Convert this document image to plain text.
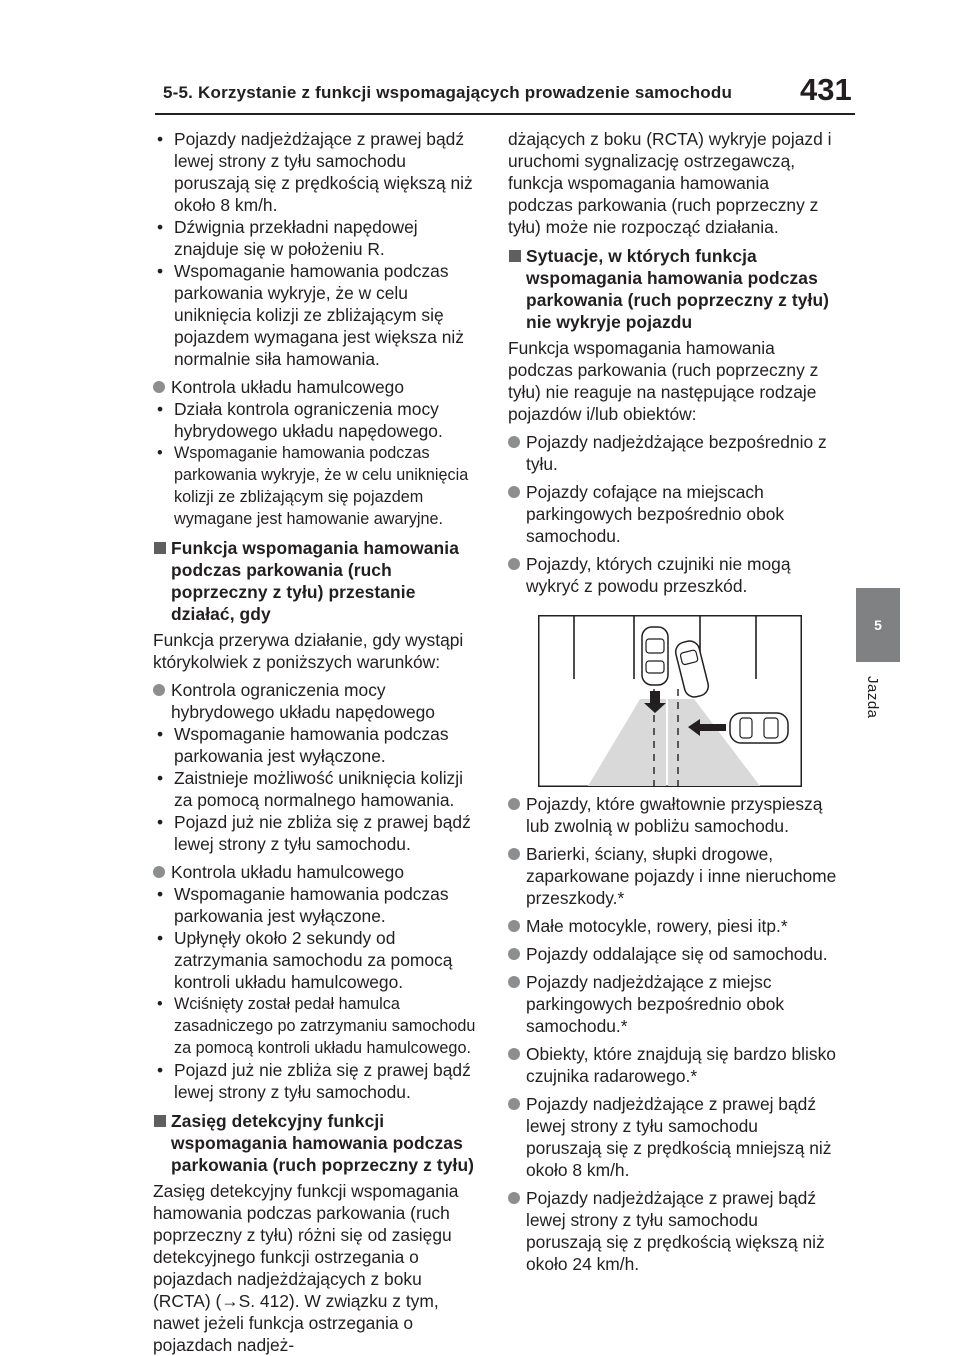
5-5. Korzystanie z funkcji wspomagających prowadzenie samochodu 431
5
Jazda
• Pojazdy nadjeżdżające z prawej bądź lewej strony z tyłu samochodu poruszają się z prędkością większą niż około 8 km/h.
• Dźwignia przekładni napędowej znajduje się w położeniu R.
• Wspomaganie hamowania podczas parkowania wykryje, że w celu uniknięcia kolizji ze zbliżającym się pojazdem wymagana jest większa niż normalnie siła hamowania.
Kontrola układu hamulcowego
• Działa kontrola ograniczenia mocy hybrydowego układu napędowego.
• Wspomaganie hamowania podczas parkowania wykryje, że w celu uniknięcia kolizji ze zbliżającym się pojazdem wymagane jest hamowanie awaryjne.
Funkcja wspomagania hamowania podczas parkowania (ruch poprzeczny z tyłu) przestanie działać, gdy
Funkcja przerywa działanie, gdy wystąpi którykolwiek z poniższych warunków:
Kontrola ograniczenia mocy hybrydowego układu napędowego
• Wspomaganie hamowania podczas parkowania jest wyłączone.
• Zaistnieje możliwość uniknięcia kolizji za pomocą normalnego hamowania.
• Pojazd już nie zbliża się z prawej bądź lewej strony z tyłu samochodu.
Kontrola układu hamulcowego
• Wspomaganie hamowania podczas parkowania jest wyłączone.
• Upłynęły około 2 sekundy od zatrzymania samochodu za pomocą kontroli układu hamulcowego.
• Wciśnięty został pedał hamulca zasadniczego po zatrzymaniu samochodu za pomocą kontroli układu hamulcowego.
• Pojazd już nie zbliża się z prawej bądź lewej strony z tyłu samochodu.
Zasięg detekcyjny funkcji wspomagania hamowania podczas parkowania (ruch poprzeczny z tyłu)
Zasięg detekcyjny funkcji wspomagania hamowania podczas parkowania (ruch poprzeczny z tyłu) różni się od zasięgu detekcyjnego funkcji ostrzegania o pojazdach nadjeżdżających z boku (RCTA) (→S. 412). W związku z tym, nawet jeżeli funkcja ostrzegania o pojazdach nadjeż-
dżających z boku (RCTA) wykryje pojazd i uruchomi sygnalizację ostrzegawczą, funkcja wspomagania hamowania podczas parkowania (ruch poprzeczny z tyłu) może nie rozpocząć działania.
Sytuacje, w których funkcja wspomagania hamowania podczas parkowania (ruch poprzeczny z tyłu) nie wykryje pojazdu
Funkcja wspomagania hamowania podczas parkowania (ruch poprzeczny z tyłu) nie reaguje na następujące rodzaje pojazdów i/lub obiektów:
Pojazdy nadjeżdżające bezpośrednio z tyłu.
Pojazdy cofające na miejscach parkingowych bezpośrednio obok samochodu.
Pojazdy, których czujniki nie mogą wykryć z powodu przeszkód.
Pojazdy, które gwałtownie przyspieszą lub zwolnią w pobliżu samochodu.
Barierki, ściany, słupki drogowe, zaparkowane pojazdy i inne nieruchome przeszkody.*
Małe motocykle, rowery, piesi itp.*
Pojazdy oddalające się od samochodu.
Pojazdy nadjeżdżające z miejsc parkingowych bezpośrednio obok samochodu.*
Obiekty, które znajdują się bardzo blisko czujnika radarowego.*
Pojazdy nadjeżdżające z prawej bądź lewej strony z tyłu samochodu poruszają się z prędkością mniejszą niż około 8 km/h.
Pojazdy nadjeżdżające z prawej bądź lewej strony z tyłu samochodu poruszają się z prędkością większą niż około 24 km/h.
